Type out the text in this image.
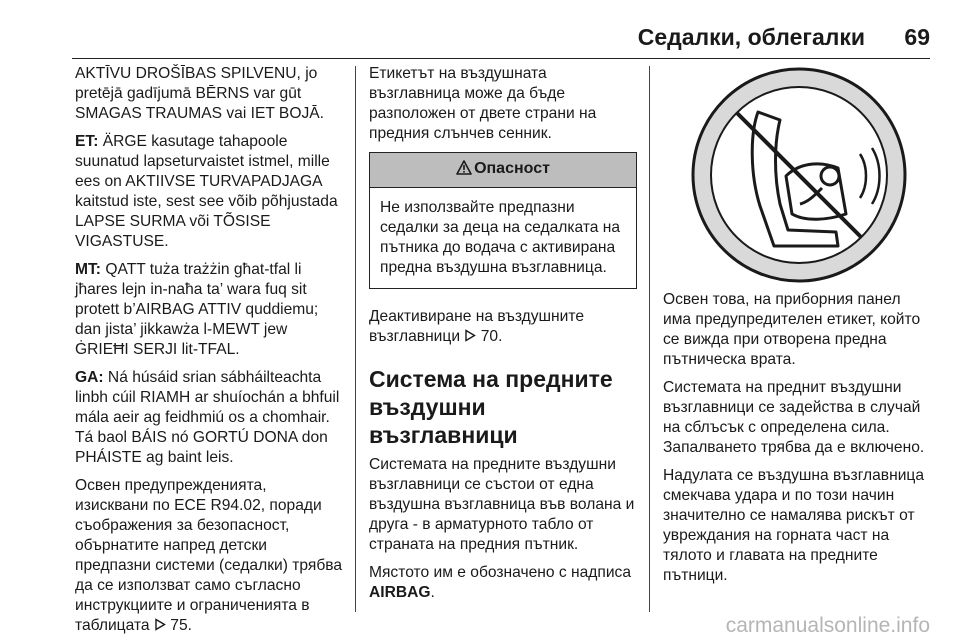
Седалки, облегалки 69

AKTĪVU DROŠĪBAS SPILVENU, jo pretējā gadījumā BĒRNS var gūt SMAGAS TRAUMAS vai IET BOJĀ.

ET: ÄRGE kasutage tahapoole suunatud lapseturvaistet istmel, mille ees on AKTIIVSE TURVAPADJAGA kaitstud iste, sest see võib põhjustada LAPSE SURMA või TÕSISE VIGASTUSE.

MT: QATT tuża trażżin għat-tfal li jħares lejn in-naħa ta’ wara fuq sit protett b’AIRBAG ATTIV quddiemu; dan jista’ jikkawża l-MEWT jew ĠRIEĦI SERJI lit-TFAL.

GA: Ná húsáid srian sábháilteachta linbh cúil RIAMH ar shuíochán a bhfuil mála aeir ag feidhmiú os a chomhair. Tá baol BÁIS nó GORTÚ DONA don PHÁISTE ag baint leis.

Освен предупрежденията, изисквани по ECE R94.02, поради съображения за безопасност, обърнатите напред детски предпазни системи (седалки) трябва да се използват само съгласно инструкциите и ограниченията в таблицата 75.

Етикетът на въздушната възглавница може да бъде разположен от двете страни на предния слънчев сенник.

Опасност
Не използвайте предпазни седалки за деца на седалката на пътника до водача с активирана предна въздушна възглавница.

Деактивиране на въздушните възглавници 70.

Система на предните въздушни възглавници

Системата на предните въздушни възглавници се състои от една въздушна възглавница във волана и друга - в арматурното табло от страната на предния пътник.

Мястото им е обозначено с надписа AIRBAG.

Освен това, на приборния панел има предупредителен етикет, който се вижда при отворена предна пътническа врата.

Системата на преднит въздушни възглавници се задейства в случай на сблъсък с определена сила. Запалването трябва да е включено.

Надулата се въздушна възглавница смекчава удара и по този начин значително се намалява рискът от увреждания на горната част на тялото и главата на предните пътници.

carmanualsonline.info
